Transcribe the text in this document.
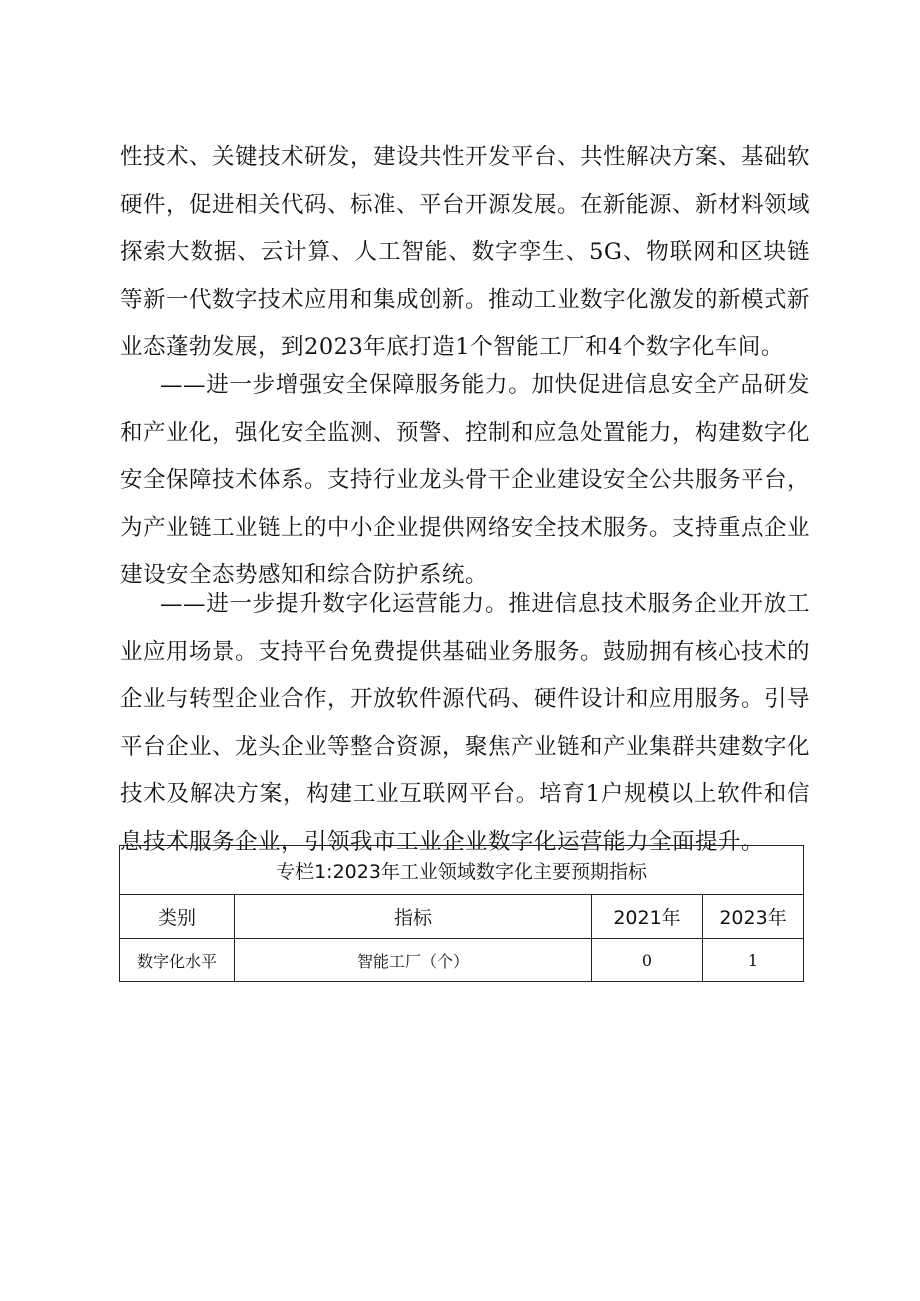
性技术、关键技术研发，建设共性开发平台、共性解决方案、基础软硬件，促进相关代码、标准、平台开源发展。在新能源、新材料领域探索大数据、云计算、人工智能、数字孪生、5G、物联网和区块链等新一代数字技术应用和集成创新。推动工业数字化激发的新模式新业态蓬勃发展，到2023年底打造1个智能工厂和4个数字化车间。

——进一步增强安全保障服务能力。加快促进信息安全产品研发和产业化，强化安全监测、预警、控制和应急处置能力，构建数字化安全保障技术体系。支持行业龙头骨干企业建设安全公共服务平台，为产业链工业链上的中小企业提供网络安全技术服务。支持重点企业建设安全态势感知和综合防护系统。

——进一步提升数字化运营能力。推进信息技术服务企业开放工业应用场景。支持平台免费提供基础业务服务。鼓励拥有核心技术的企业与转型企业合作，开放软件源代码、硬件设计和应用服务。引导平台企业、龙头企业等整合资源，聚焦产业链和产业集群共建数字化技术及解决方案，构建工业互联网平台。培育1户规模以上软件和信息技术服务企业，引领我市工业企业数字化运营能力全面提升。

专栏1:2023年工业领域数字化主要预期指标			
类别	指标	2021年	2023年
数字化水平	智能工厂（个）	0	1
